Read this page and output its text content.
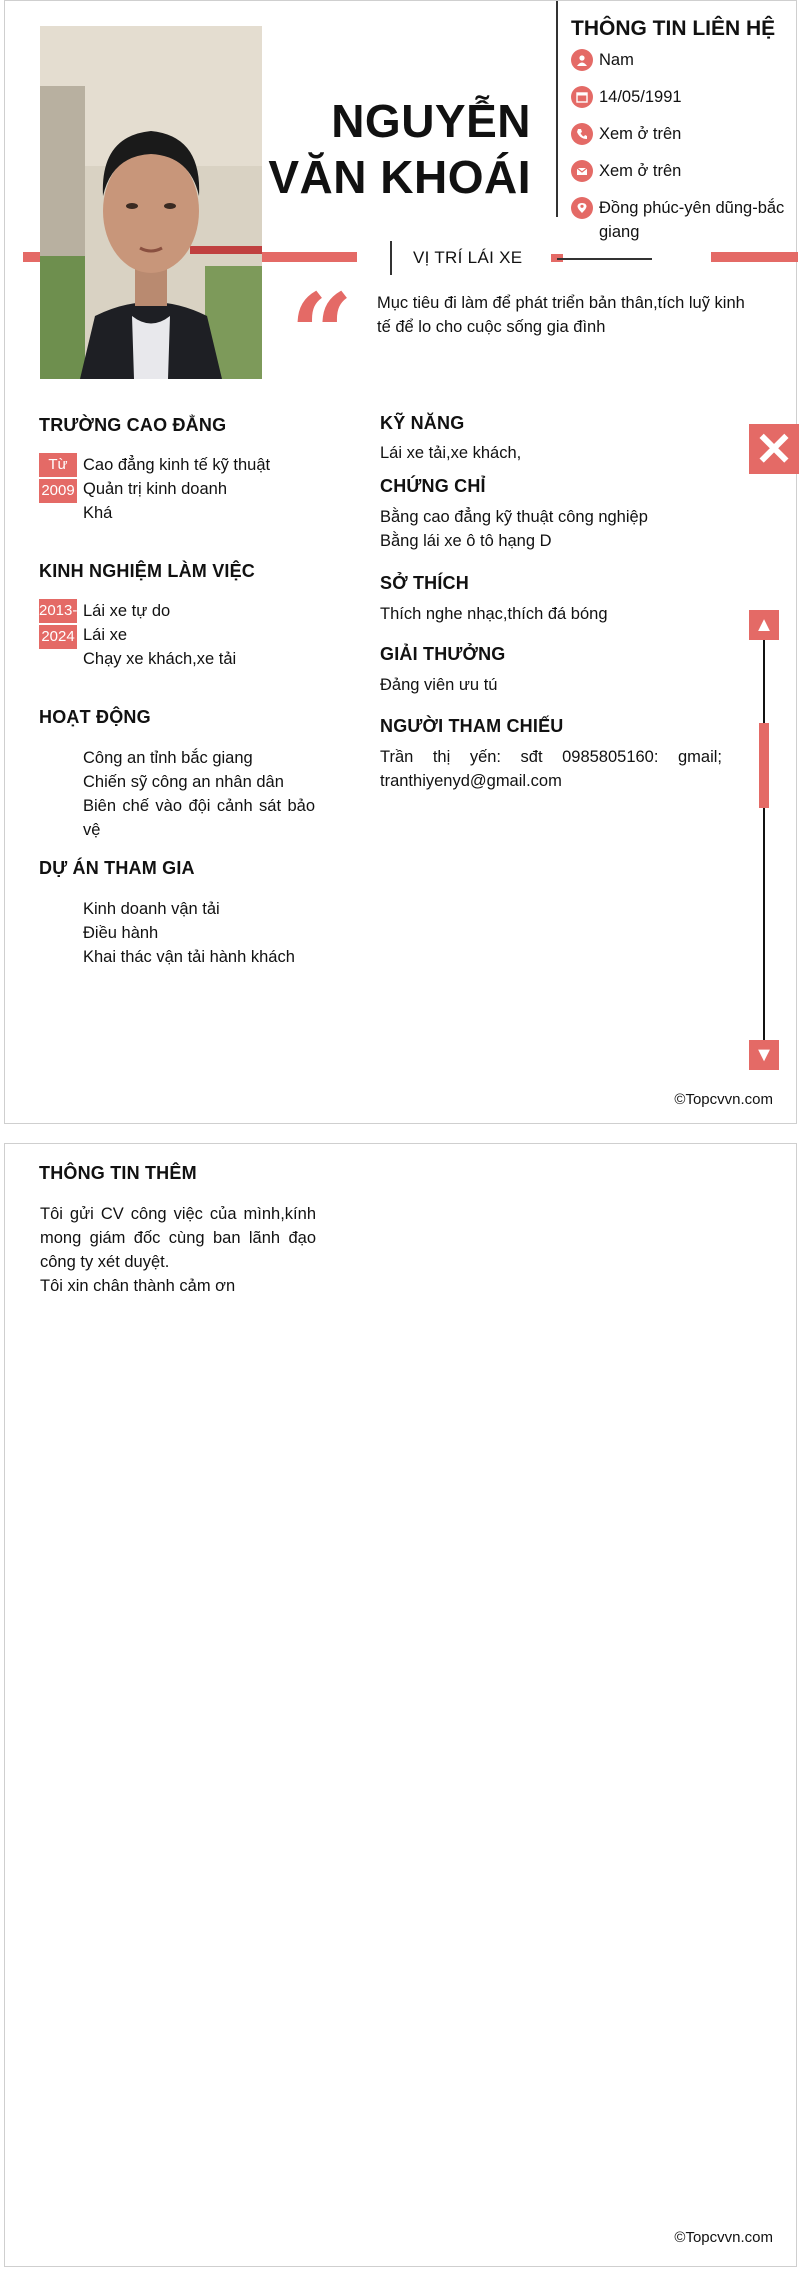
NGUYỄN
VĂN KHOÁI
THÔNG TIN LIÊN HỆ
Nam
14/05/1991
Xem ở trên
Xem ở trên
Đồng phúc-yên dũng-bắc giang
VỊ TRÍ LÁI XE
“ Mục tiêu đi làm để phát triển bản thân,tích luỹ kinh tế để lo cho cuộc sống gia đình
TRƯỜNG CAO ĐẲNG
Từ
2009
Cao đẳng kinh tế kỹ thuật
Quản trị kinh doanh
Khá
KINH NGHIỆM LÀM VIỆC
2013-
2024
Lái xe tự do
Lái xe
Chạy xe khách,xe tải
HOẠT ĐỘNG
Công an tỉnh bắc giang
Chiến sỹ công an nhân dân
Biên chế vào đội cảnh sát bảo vệ
DỰ ÁN THAM GIA
Kinh doanh vận tải
Điều hành
Khai thác vận tải hành khách
KỸ NĂNG
Lái xe tải,xe khách,
CHỨNG CHỈ
Bằng cao đẳng kỹ thuật công nghiệp
Bằng lái xe ô tô hạng D
SỞ THÍCH
Thích nghe nhạc,thích đá bóng
GIẢI THƯỞNG
Đảng viên ưu tú
NGƯỜI THAM CHIẾU
Trần thị yến: sđt 0985805160: gmail; tranthiyenyd@gmail.com
✕
▲
▼
©Topcvvn.com
THÔNG TIN THÊM
Tôi gửi CV công việc của mình,kính mong giám đốc cùng ban lãnh đạo công ty xét duyệt.
Tôi xin chân thành cảm ơn
©Topcvvn.com
